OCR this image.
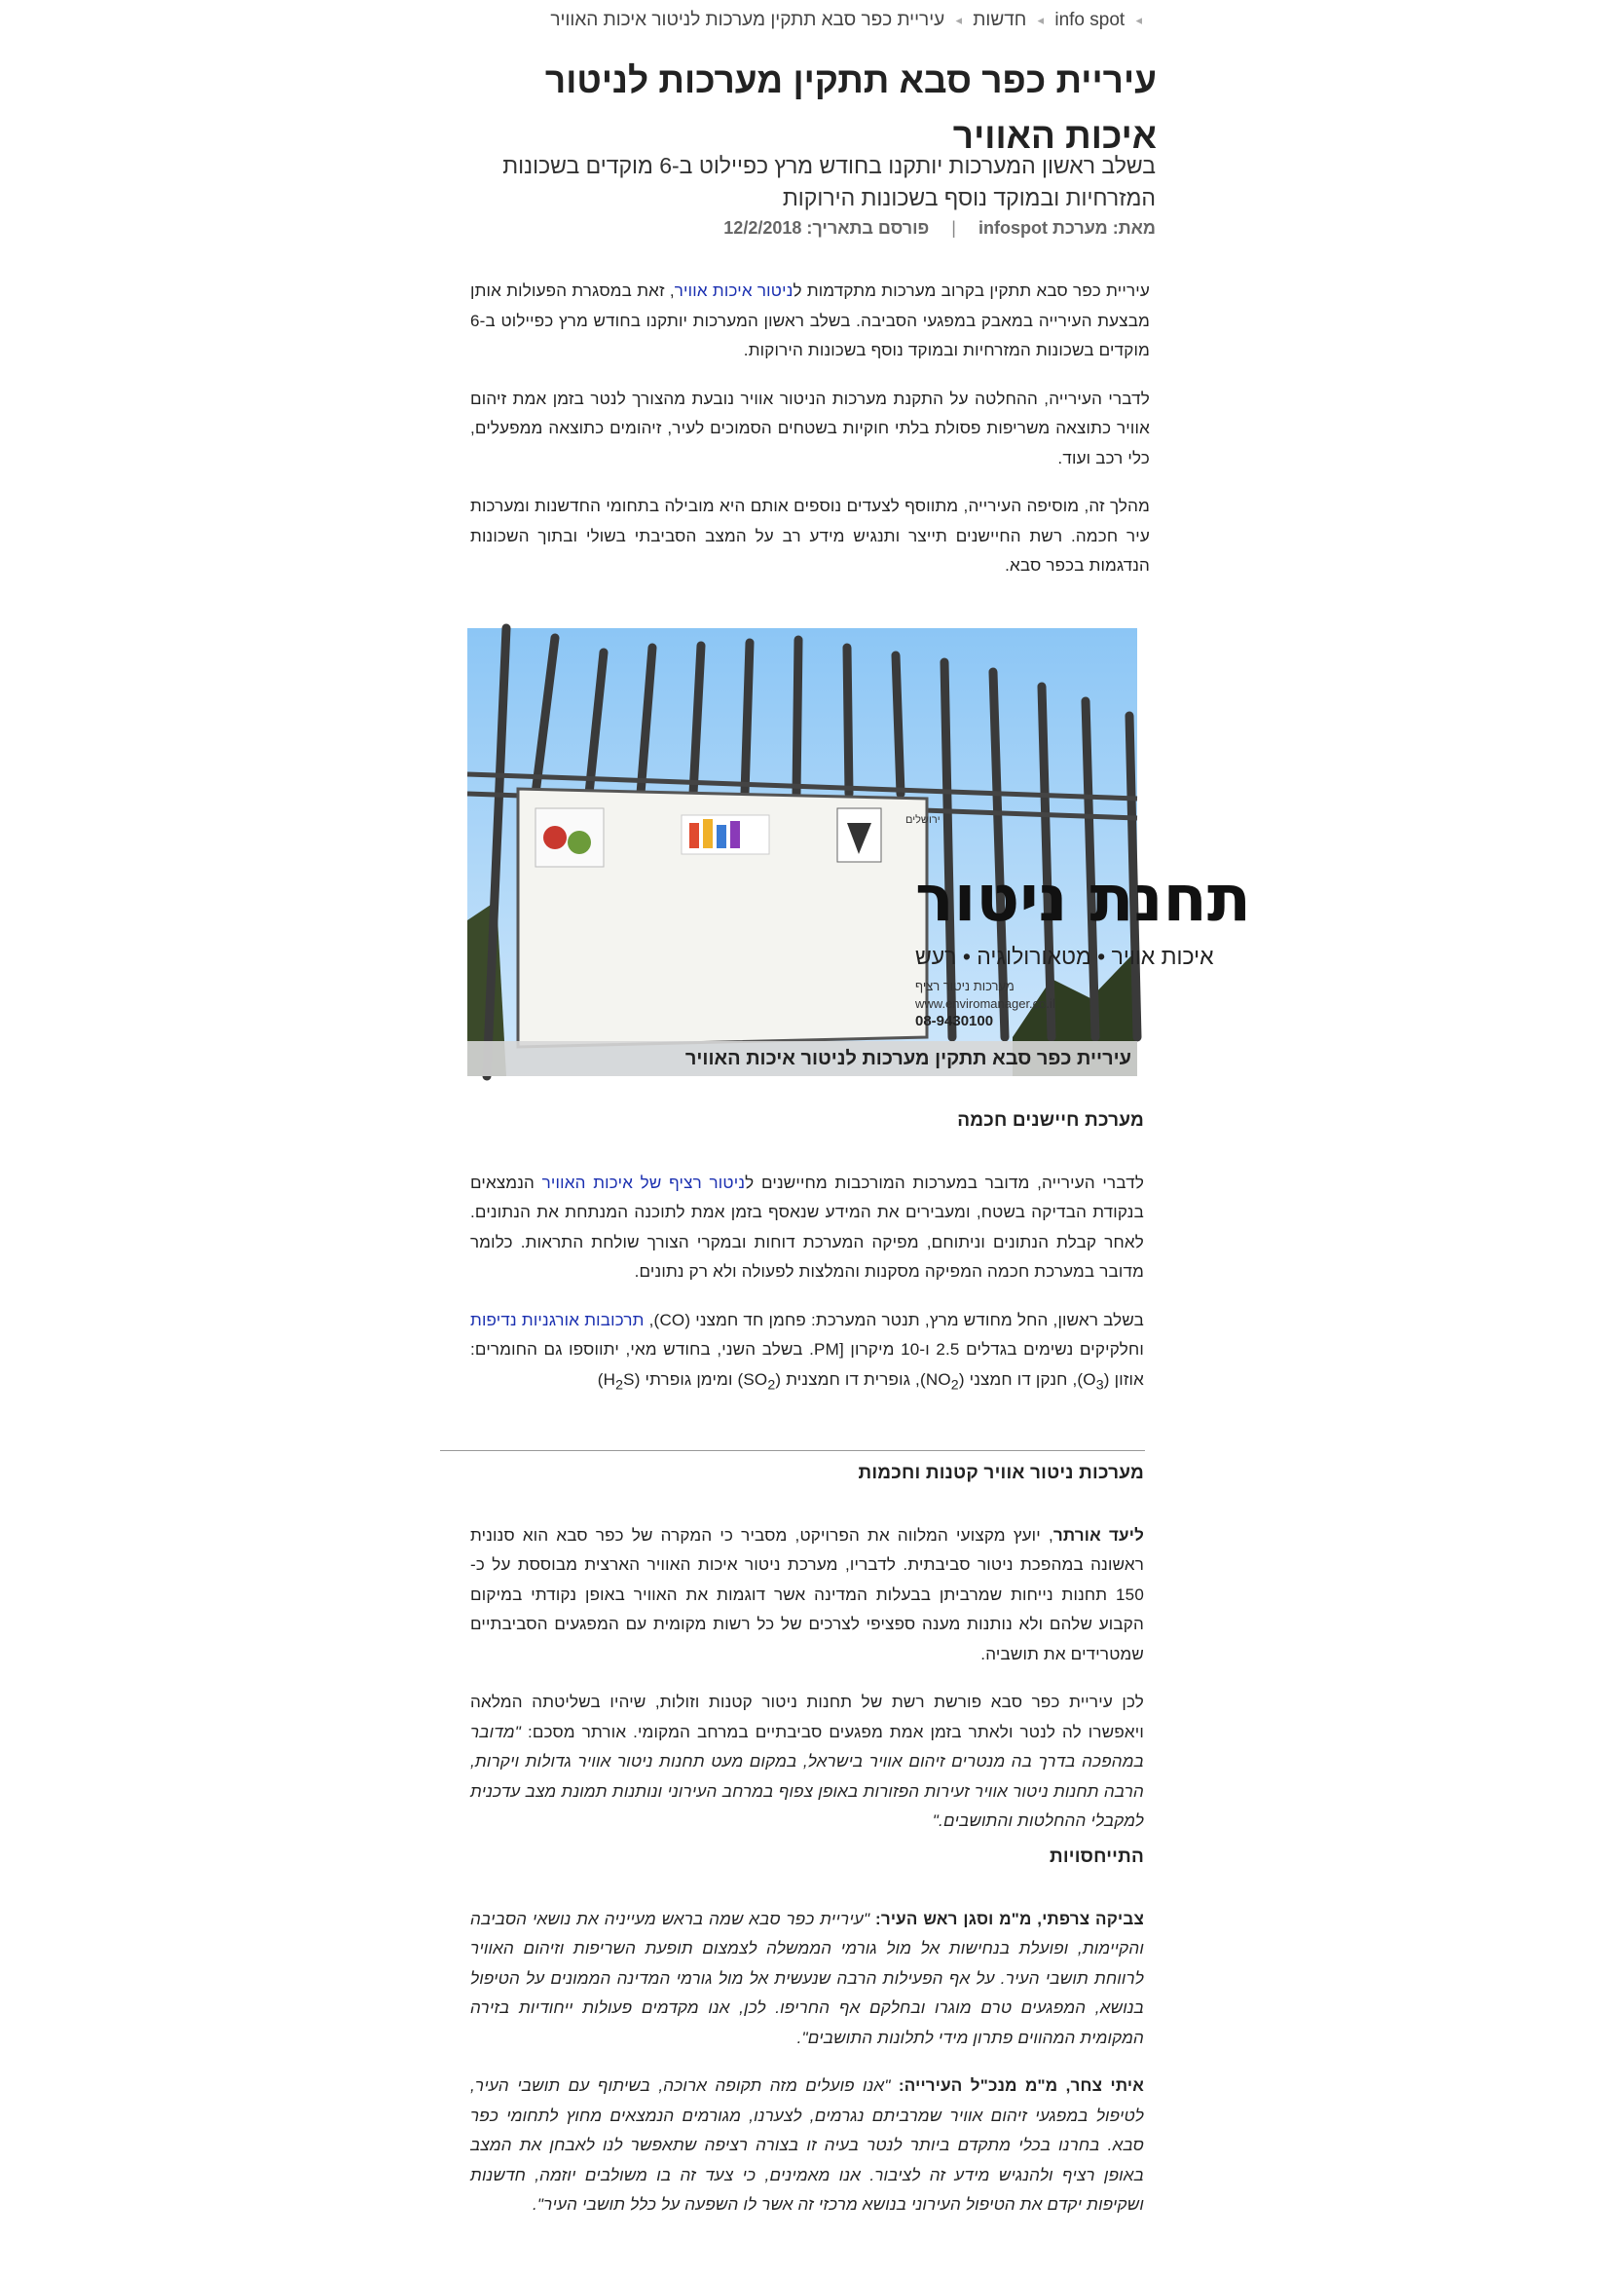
◂ info spot ◂ חדשות ◂ עיריית כפר סבא תתקין מערכות לניטור איכות האוויר
עיריית כפר סבא תתקין מערכות לניטור איכות האוויר

בשלב ראשון המערכות יותקנו בחודש מרץ כפיילוט ב-6 מוקדים בשכונות המזרחיות ובמוקד נוסף בשכונות הירוקות

מאת: מערכת infospot | פורסם בתאריך: 12/2/2018

עיריית כפר סבא תתקין בקרוב מערכות מתקדמות לניטור איכות אוויר, זאת במסגרת הפעולות אותן מבצעת העירייה במאבק במפגעי הסביבה. בשלב ראשון המערכות יותקנו בחודש מרץ כפיילוט ב-6 מוקדים בשכונות המזרחיות ובמוקד נוסף בשכונות הירוקות.

לדברי העירייה, ההחלטה על התקנת מערכות הניטור אוויר נובעת מהצורך לנטר בזמן אמת זיהום אוויר כתוצאה משריפות פסולת בלתי חוקיות בשטחים הסמוכים לעיר, זיהומים כתוצאה ממפעלים, כלי רכב ועוד.

מהלך זה, מוסיפה העירייה, מתווסף לצעדים נוספים אותם היא מובילה בתחומי החדשנות ומערכות עיר חכמה. רשת החיישנים תייצר ותנגיש מידע רב על המצב הסביבתי בשולי ובתוך השכונות הנדגמות בכפר סבא.

ירושלים
תחנת ניטור
איכות אוויר • מטאורולוגיה • רעש
מערכות ניטור רציף
www.enviromanager.co.il
08-9430100
עיריית כפר סבא תתקין מערכות לניטור איכות האוויר
מערכת חיישנים חכמה

לדברי העירייה, מדובר במערכות המורכבות מחיישנים לניטור רציף של איכות האוויר הנמצאים בנקודת הבדיקה בשטח, ומעבירים את המידע שנאסף בזמן אמת לתוכנה המנתחת את הנתונים. לאחר קבלת הנתונים וניתוחם, מפיקה המערכת דוחות ובמקרי הצורך שולחת התראות. כלומר מדובר במערכת חכמה המפיקה מסקנות והמלצות לפעולה ולא רק נתונים.

בשלב ראשון, החל מחודש מרץ, תנטר המערכת: פחמן חד חמצני (CO), תרכובות אורגניות נדיפות וחלקיקים נשימים בגדלים 2.5 ו-10 מיקרון [PM. בשלב השני, בחודש מאי, יתווספו גם החומרים: אוזון $(O_3)$, חנקן דו חמצני $(NO_2)$, גופרית דו חמצנית $(SO_2)$ ומימן גופרתי $(H_2S)$

מערכות ניטור אוויר קטנות וחכמות

ליעד אורתר, יועץ מקצועי המלווה את הפרויקט, מסביר כי המקרה של כפר סבא הוא סנונית ראשונה במהפכת ניטור סביבתית. לדבריו, מערכת ניטור איכות האוויר הארצית מבוססת על כ- 150 תחנות נייחות שמרביתן בבעלות המדינה אשר דוגמות את האוויר באופן נקודתי במיקום הקבוע שלהם ולא נותנות מענה ספציפי לצרכים של כל רשות מקומית עם המפגעים הסביבתיים שמטרידים את תושביה.

לכן עיריית כפר סבא פורשת רשת של תחנות ניטור קטנות וזולות, שיהיו בשליטתה המלאה ויאפשרו לה לנטר ולאתר בזמן אמת מפגעים סביבתיים במרחב המקומי. אורתר מסכם: "מדובר במהפכה בדרך בה מנטרים זיהום אוויר בישראל, במקום מעט תחנות ניטור אוויר גדולות ויקרות, הרבה תחנות ניטור אוויר זעירות הפזורות באופן צפוף במרחב העירוני ונותנות תמונת מצב עדכנית למקבלי ההחלטות והתושבים."

התייחסויות

צביקה צרפתי, מ"מ וסגן ראש העיר: "עיריית כפר סבא שמה בראש מעייניה את נושאי הסביבה והקיימות, ופועלת בנחישות אל מול גורמי הממשלה לצמצום תופעת השריפות וזיהום האוויר לרווחת תושבי העיר. על אף הפעילות הרבה שנעשית אל מול גורמי המדינה הממונים על הטיפול בנושא, המפגעים טרם מוגרו ובחלקם אף החריפו. לכן, אנו מקדמים פעולות ייחודיות בזירה המקומית המהווים פתרון מידי לתלונות התושבים".

איתי צחר, מ"מ מנכ"ל העירייה: "אנו פועלים מזה תקופה ארוכה, בשיתוף עם תושבי העיר, לטיפול במפגעי זיהום אוויר שמרביתם נגרמים, לצערנו, מגורמים הנמצאים מחוץ לתחומי כפר סבא. בחרנו בכלי מתקדם ביותר לנטר בעיה זו בצורה רציפה שתאפשר לנו לאבחן את המצב באופן רציף ולהנגיש מידע זה לציבור. אנו מאמינים, כי צעד זה בו משולבים יוזמה, חדשנות ושקיפות יקדם את הטיפול העירוני בנושא מרכזי זה אשר לו השפעה על כלל תושבי העיר".
